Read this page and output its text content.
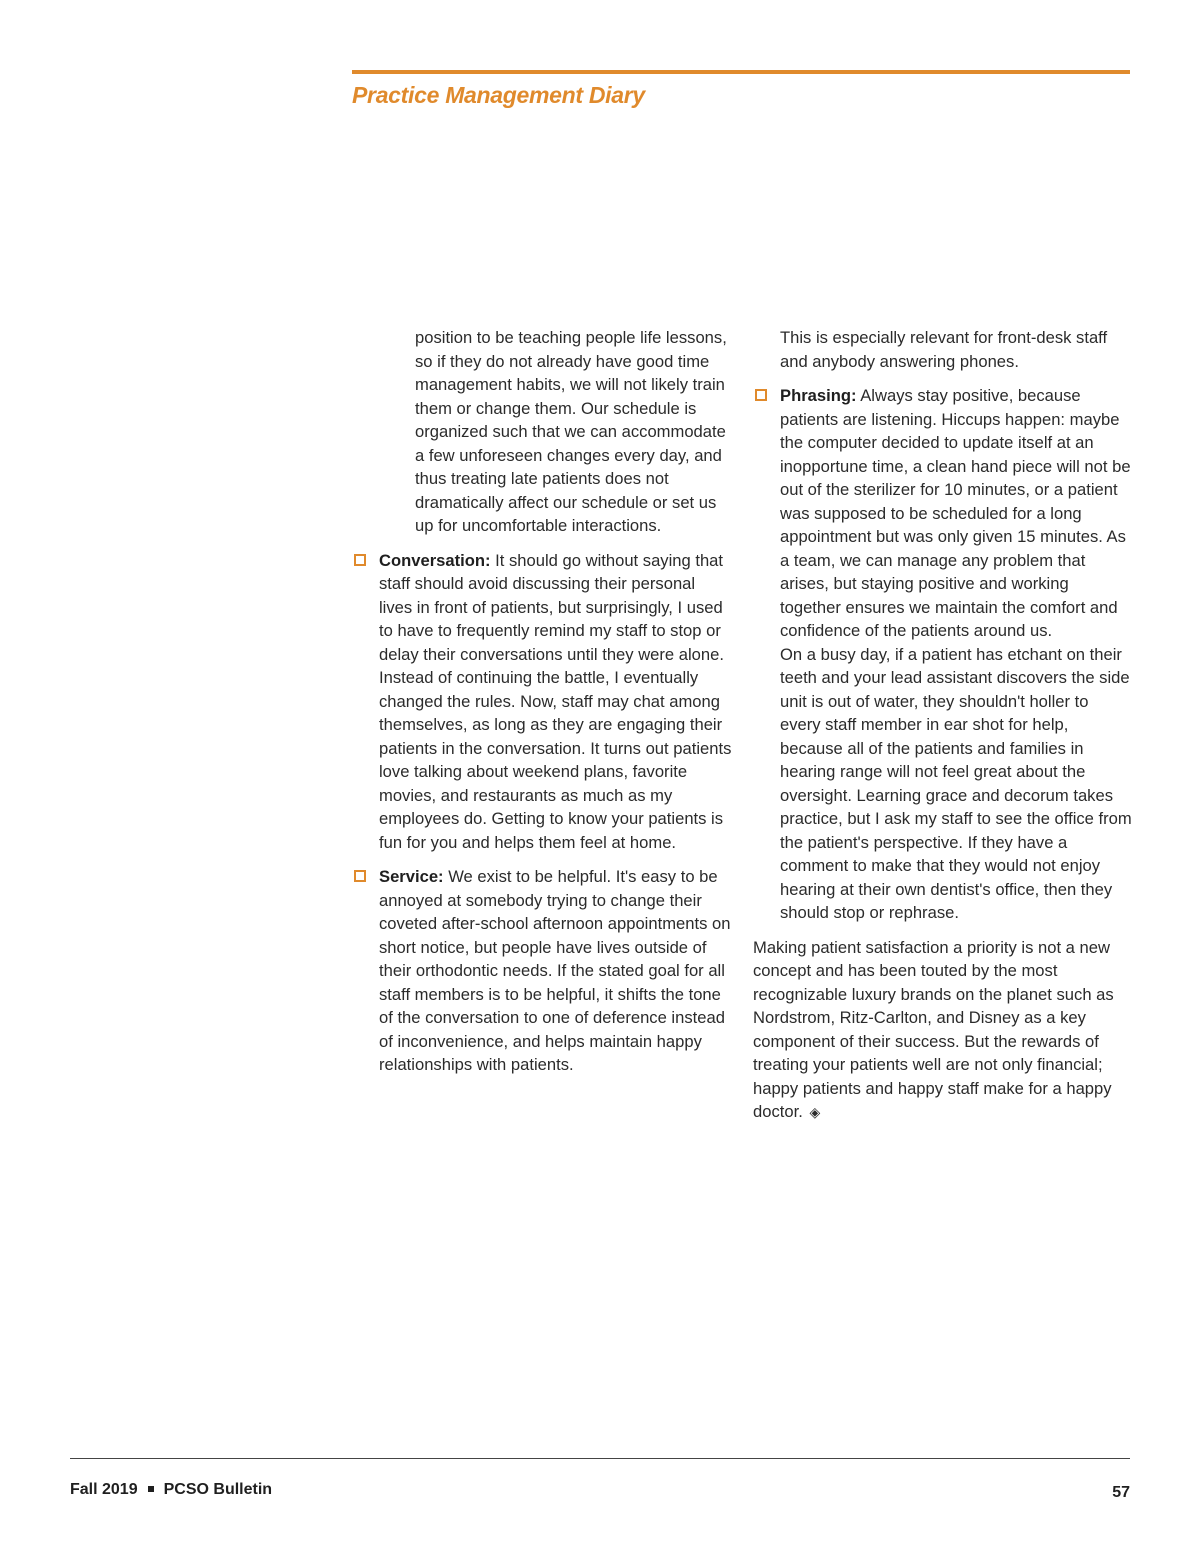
Practice Management Diary

position to be teaching people life lessons, so if they do not already have good time management habits, we will not likely train them or change them. Our schedule is organized such that we can accommodate a few unforeseen changes every day, and thus treating late patients does not dramatically affect our schedule or set us up for uncomfortable interactions.

Conversation: It should go without saying that staff should avoid discussing their personal lives in front of patients, but surprisingly, I used to have to frequently remind my staff to stop or delay their conversations until they were alone. Instead of continuing the battle, I eventually changed the rules. Now, staff may chat among themselves, as long as they are engaging their patients in the conversation. It turns out patients love talking about weekend plans, favorite movies, and restaurants as much as my employees do. Getting to know your patients is fun for you and helps them feel at home.
Service: We exist to be helpful. It's easy to be annoyed at somebody trying to change their coveted after-school afternoon appointments on short notice, but people have lives outside of their orthodontic needs. If the stated goal for all staff members is to be helpful, it shifts the tone of the conversation to one of deference instead of inconvenience, and helps maintain happy relationships with patients.

This is especially relevant for front-desk staff and anybody answering phones.

Phrasing: Always stay positive, because patients are listening. Hiccups happen: maybe the computer decided to update itself at an inopportune time, a clean hand piece will not be out of the sterilizer for 10 minutes, or a patient was supposed to be scheduled for a long appointment but was only given 15 minutes. As a team, we can manage any problem that arises, but staying positive and working together ensures we maintain the comfort and confidence of the patients around us.
On a busy day, if a patient has etchant on their teeth and your lead assistant discovers the side unit is out of water, they shouldn't holler to every staff member in ear shot for help, because all of the patients and families in hearing range will not feel great about the oversight. Learning grace and decorum takes practice, but I ask my staff to see the office from the patient's perspective. If they have a comment to make that they would not enjoy hearing at their own dentist's office, then they should stop or rephrase.

Making patient satisfaction a priority is not a new concept and has been touted by the most recognizable luxury brands on the planet such as Nordstrom, Ritz-Carlton, and Disney as a key component of their success. But the rewards of treating your patients well are not only financial; happy patients and happy staff make for a happy doctor. ◈

Fall 2019 PCSO Bulletin	57
